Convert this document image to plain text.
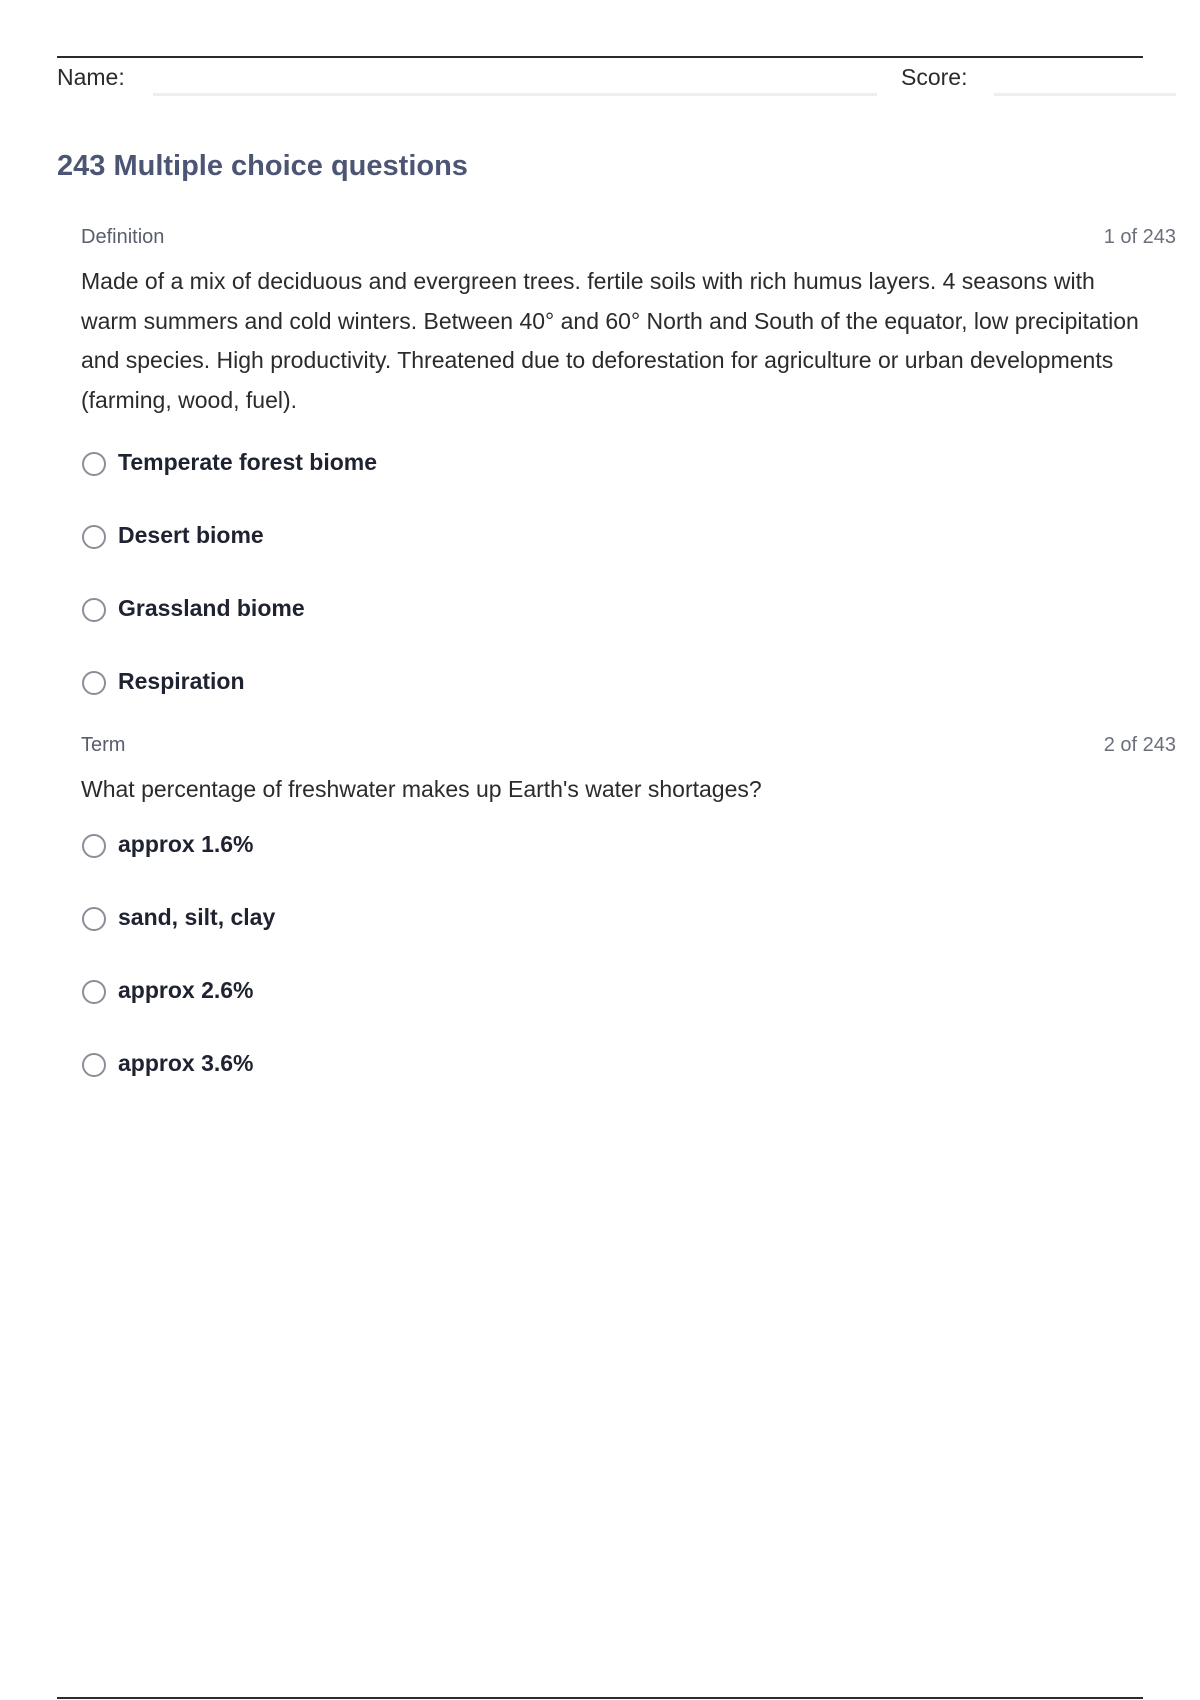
Name:	Score:
243 Multiple choice questions
Definition	1 of 243
Made of a mix of deciduous and evergreen trees. fertile soils with rich humus layers. 4 seasons with warm summers and cold winters. Between 40° and 60° North and South of the equator, low precipitation and species. High productivity. Threatened due to deforestation for agriculture or urban developments (farming, wood, fuel).
Temperate forest biome
Desert biome
Grassland biome
Respiration
Term	2 of 243
What percentage of freshwater makes up Earth's water shortages?
approx 1.6%
sand, silt, clay
approx 2.6%
approx 3.6%
